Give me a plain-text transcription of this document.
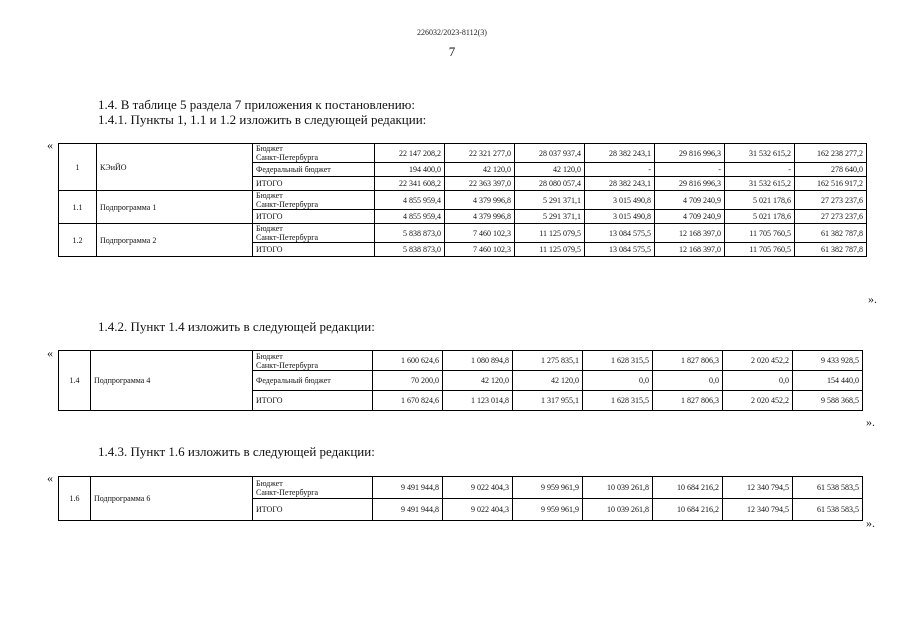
226032/2023-8112(3)
7
1.4. В таблице 5 раздела 7 приложения к постановлению:
1.4.1. Пункты 1, 1.1 и 1.2 изложить в следующей редакции:
«
1	КЭиЙО	Бюджет
Санкт-Петербурга	22 147 208,2	22 321 277,0	28 037 937,4	28 382 243,1	29 816 996,3	31 532 615,2	162 238 277,2
		Федеральный бюджет	194 400,0	42 120,0	42 120,0	-	-	-	278 640,0
		ИТОГО	22 341 608,2	22 363 397,0	28 080 057,4	28 382 243,1	29 816 996,3	31 532 615,2	162 516 917,2
1.1	Подпрограмма 1	Бюджет
Санкт-Петербурга	4 855 959,4	4 379 996,8	5 291 371,1	3 015 490,8	4 709 240,9	5 021 178,6	27 273 237,6
		ИТОГО	4 855 959,4	4 379 996,8	5 291 371,1	3 015 490,8	4 709 240,9	5 021 178,6	27 273 237,6
1.2	Подпрограмма 2	Бюджет
Санкт-Петербурга	5 838 873,0	7 460 102,3	11 125 079,5	13 084 575,5	12 168 397,0	11 705 760,5	61 382 787,8
		ИТОГО	5 838 873,0	7 460 102,3	11 125 079,5	13 084 575,5	12 168 397,0	11 705 760,5	61 382 787,8
».
1.4.2. Пункт 1.4 изложить в следующей редакции:
«
1.4	Подпрограмма 4	Бюджет
Санкт-Петербурга	1 600 624,6	1 080 894,8	1 275 835,1	1 628 315,5	1 827 806,3	2 020 452,2	9 433 928,5
		Федеральный бюджет	70 200,0	42 120,0	42 120,0	0,0	0,0	0,0	154 440,0
		ИТОГО	1 670 824,6	1 123 014,8	1 317 955,1	1 628 315,5	1 827 806,3	2 020 452,2	9 588 368,5
».
1.4.3. Пункт 1.6 изложить в следующей редакции:
«
1.6	Подпрограмма 6	Бюджет
Санкт-Петербурга	9 491 944,8	9 022 404,3	9 959 961,9	10 039 261,8	10 684 216,2	12 340 794,5	61 538 583,5
		ИТОГО	9 491 944,8	9 022 404,3	9 959 961,9	10 039 261,8	10 684 216,2	12 340 794,5	61 538 583,5
».
